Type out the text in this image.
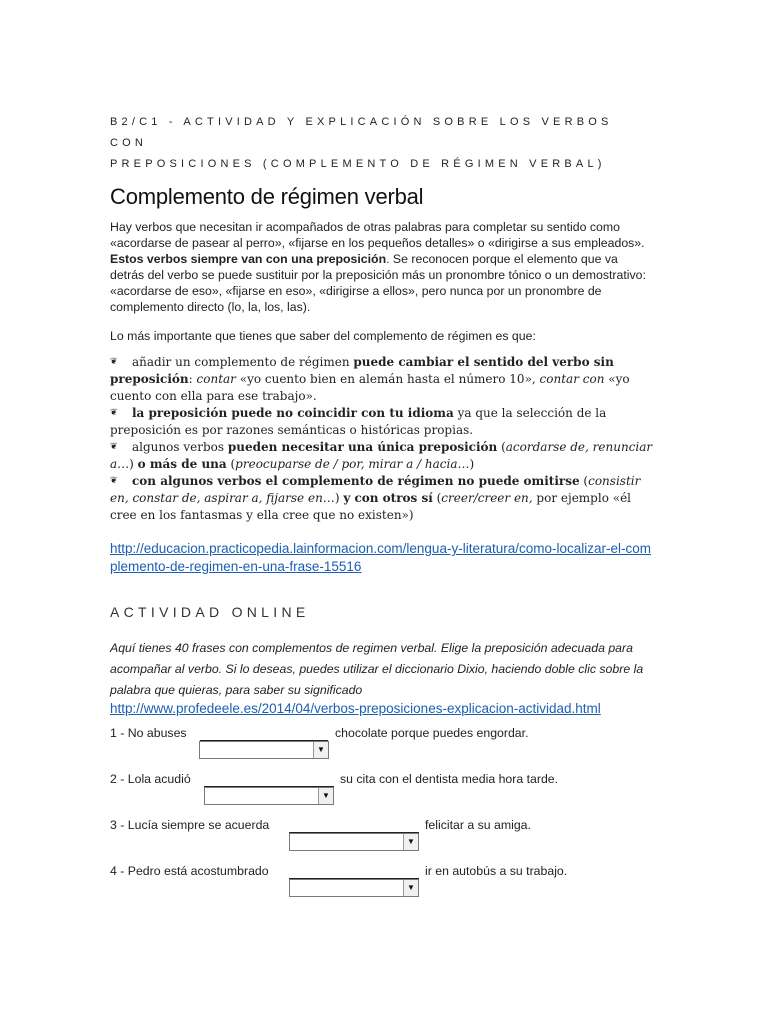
B2/C1 - ACTIVIDAD Y EXPLICACIÓN SOBRE LOS VERBOS CON
PREPOSICIONES (COMPLEMENTO DE RÉGIMEN VERBAL)

Complemento de régimen verbal

Hay verbos que necesitan ir acompañados de otras palabras para completar su sentido como «acordarse de pasear al perro», «fijarse en los pequeños detalles» o «dirigirse a sus empleados». Estos verbos siempre van con una preposición. Se reconocen porque el elemento que va detrás del verbo se puede sustituir por la preposición más un pronombre tónico o un demostrativo: «acordarse de eso», «fijarse en eso», «dirigirse a ellos», pero nunca por un pronombre de complemento directo (lo, la, los, las).

Lo más importante que tienes que saber del complemento de régimen es que:

❦ añadir un complemento de régimen puede cambiar el sentido del verbo sin preposición: contar «yo cuento bien en alemán hasta el número 10», contar con «yo cuento con ella para ese trabajo».
❦ la preposición puede no coincidir con tu idioma ya que la selección de la preposición es por razones semánticas o históricas propias.
❦ algunos verbos pueden necesitar una única preposición (acordarse de, renunciar a…) o más de una (preocuparse de / por, mirar a / hacia…)
❦ con algunos verbos el complemento de régimen no puede omitirse (consistir en, constar de, aspirar a, fijarse en…) y con otros sí (creer/creer en, por ejemplo «él cree en los fantasmas y ella cree que no existen»)
http://educacion.practicopedia.lainformacion.com/lengua-y-literatura/como-localizar-el-complemento-de-regimen-en-una-frase-15516
ACTIVIDAD ONLINE

Aquí tienes 40 frases con complementos de regimen verbal. Elige la preposición adecuada para acompañar al verbo. Si lo deseas, puedes utilizar el diccionario Dixio, haciendo doble clic sobre la palabra que quieras, para saber su significado

http://www.profedeele.es/2014/04/verbos-preposiciones-explicacion-actividad.html
1 - No abuses	chocolate porque puedes engordar.
▼
2 - Lola acudió	su cita con el dentista media hora tarde.
▼
3 - Lucía siempre se acuerda	felicitar a su amiga.
▼
4 - Pedro está acostumbrado	ir en autobús a su trabajo.
▼
